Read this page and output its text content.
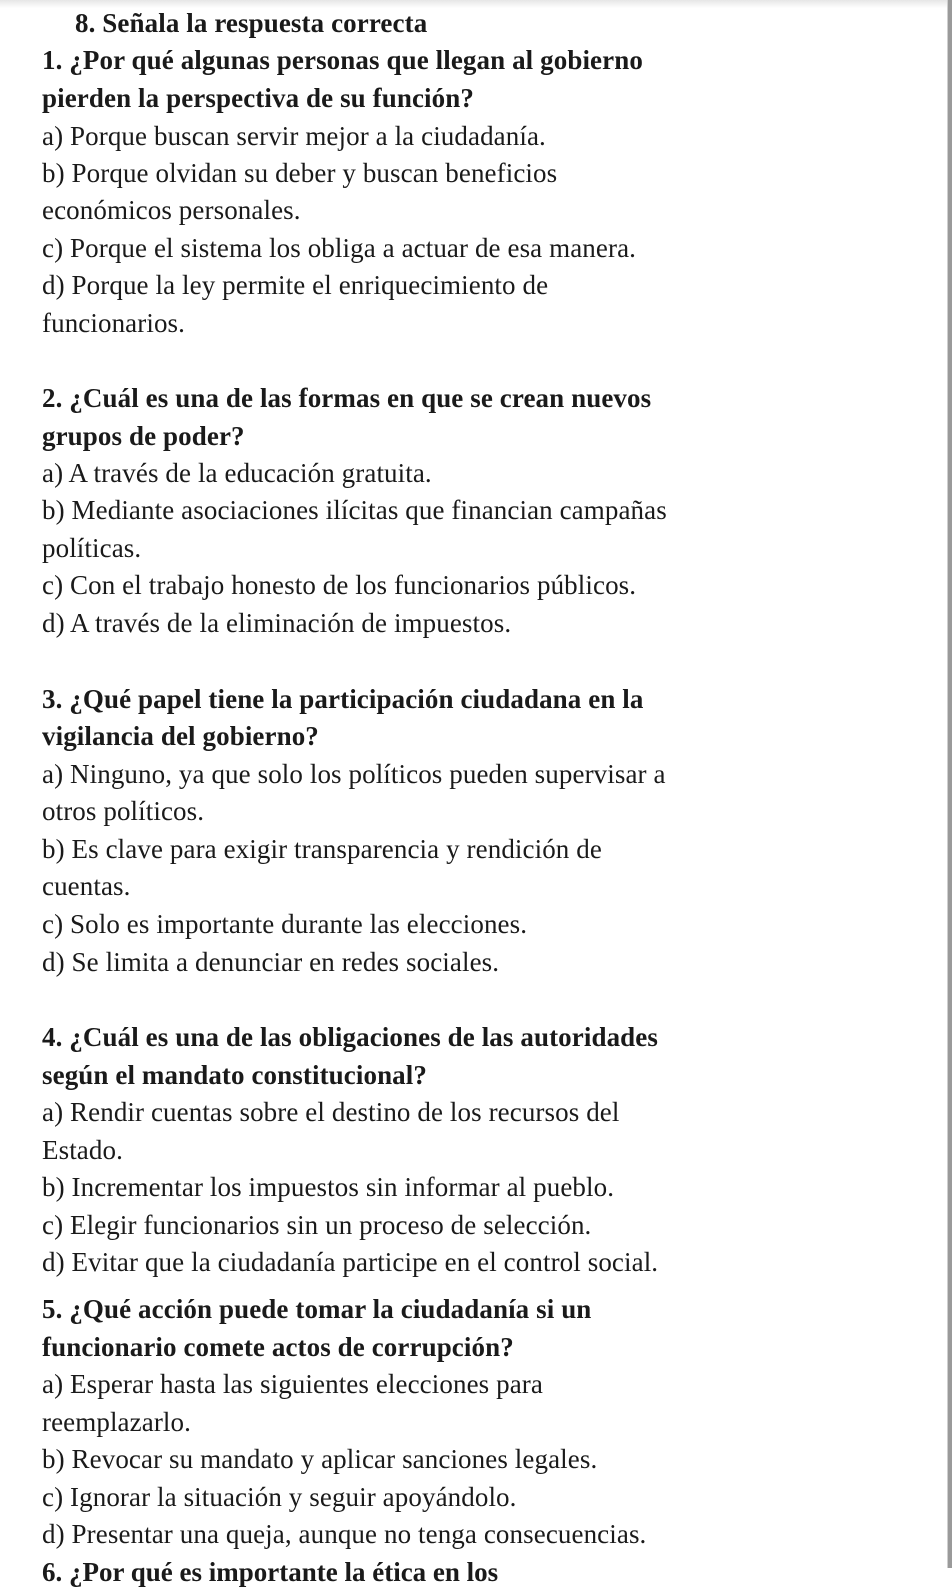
8. Señala la respuesta correcta
1. ¿Por qué algunas personas que llegan al gobierno
pierden la perspectiva de su función?
a) Porque buscan servir mejor a la ciudadanía.
b) Porque olvidan su deber y buscan beneficios
económicos personales.
c) Porque el sistema los obliga a actuar de esa manera.
d) Porque la ley permite el enriquecimiento de
funcionarios.
2. ¿Cuál es una de las formas en que se crean nuevos
grupos de poder?
a) A través de la educación gratuita.
b) Mediante asociaciones ilícitas que financian campañas
políticas.
c) Con el trabajo honesto de los funcionarios públicos.
d) A través de la eliminación de impuestos.
3. ¿Qué papel tiene la participación ciudadana en la
vigilancia del gobierno?
a) Ninguno, ya que solo los políticos pueden supervisar a
otros políticos.
b) Es clave para exigir transparencia y rendición de
cuentas.
c) Solo es importante durante las elecciones.
d) Se limita a denunciar en redes sociales.
4. ¿Cuál es una de las obligaciones de las autoridades
según el mandato constitucional?
a) Rendir cuentas sobre el destino de los recursos del
Estado.
b) Incrementar los impuestos sin informar al pueblo.
c) Elegir funcionarios sin un proceso de selección.
d) Evitar que la ciudadanía participe en el control social.
5. ¿Qué acción puede tomar la ciudadanía si un
funcionario comete actos de corrupción?
a) Esperar hasta las siguientes elecciones para
reemplazarlo.
b) Revocar su mandato y aplicar sanciones legales.
c) Ignorar la situación y seguir apoyándolo.
d) Presentar una queja, aunque no tenga consecuencias.
6. ¿Por qué es importante la ética en los
